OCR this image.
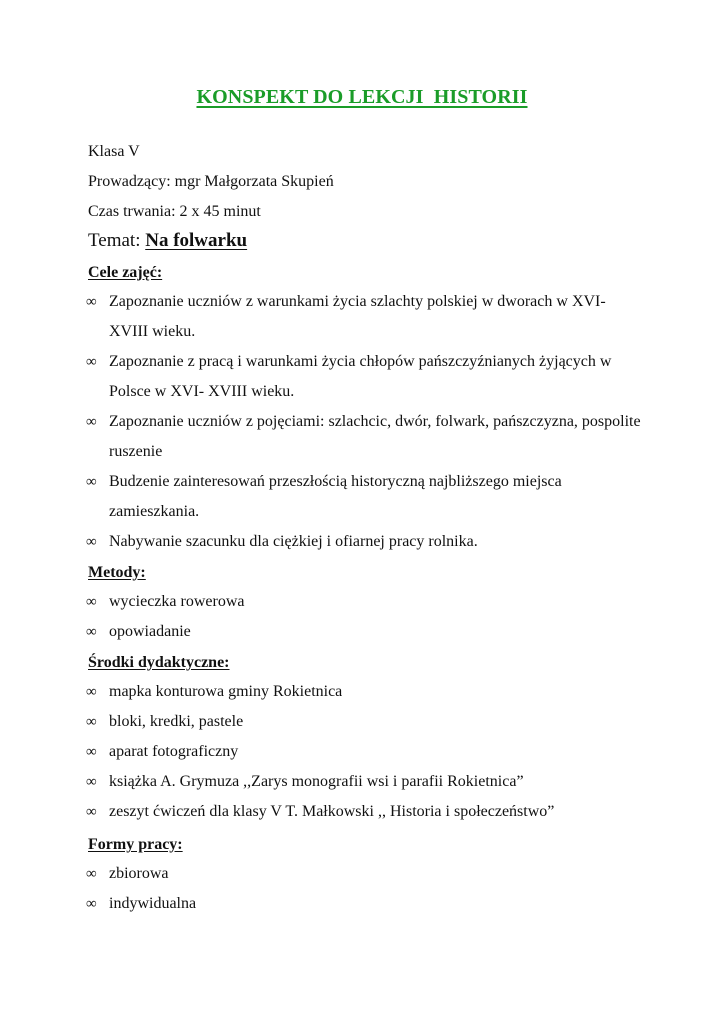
KONSPEKT DO LEKCJI  HISTORII
Klasa V
Prowadzący: mgr Małgorzata Skupień
Czas trwania: 2 x 45 minut
Temat: Na folwarku
Cele zajęć:
∞ Zapoznanie uczniów z warunkami życia szlachty polskiej w dworach w XVI- XVIII wieku.
∞ Zapoznanie z pracą i warunkami życia chłopów pańszczyźnianych żyjących w Polsce w XVI- XVIII wieku.
∞ Zapoznanie uczniów z pojęciami: szlachcic, dwór, folwark, pańszczyzna, pospolite ruszenie
∞ Budzenie zainteresowań przeszłością historyczną najbliższego miejsca zamieszkania.
∞ Nabywanie szacunku dla ciężkiej i ofiarnej pracy rolnika.
Metody:
∞ wycieczka rowerowa
∞ opowiadanie
Środki dydaktyczne:
∞ mapka konturowa gminy Rokietnica
∞ bloki, kredki, pastele
∞ aparat fotograficzny
∞ książka A. Grymuza ,,Zarys monografii wsi i parafii Rokietnica”
∞ zeszyt ćwiczeń dla klasy V T. Małkowski ,, Historia i społeczeństwo”
Formy pracy:
∞ zbiorowa
∞ indywidualna
